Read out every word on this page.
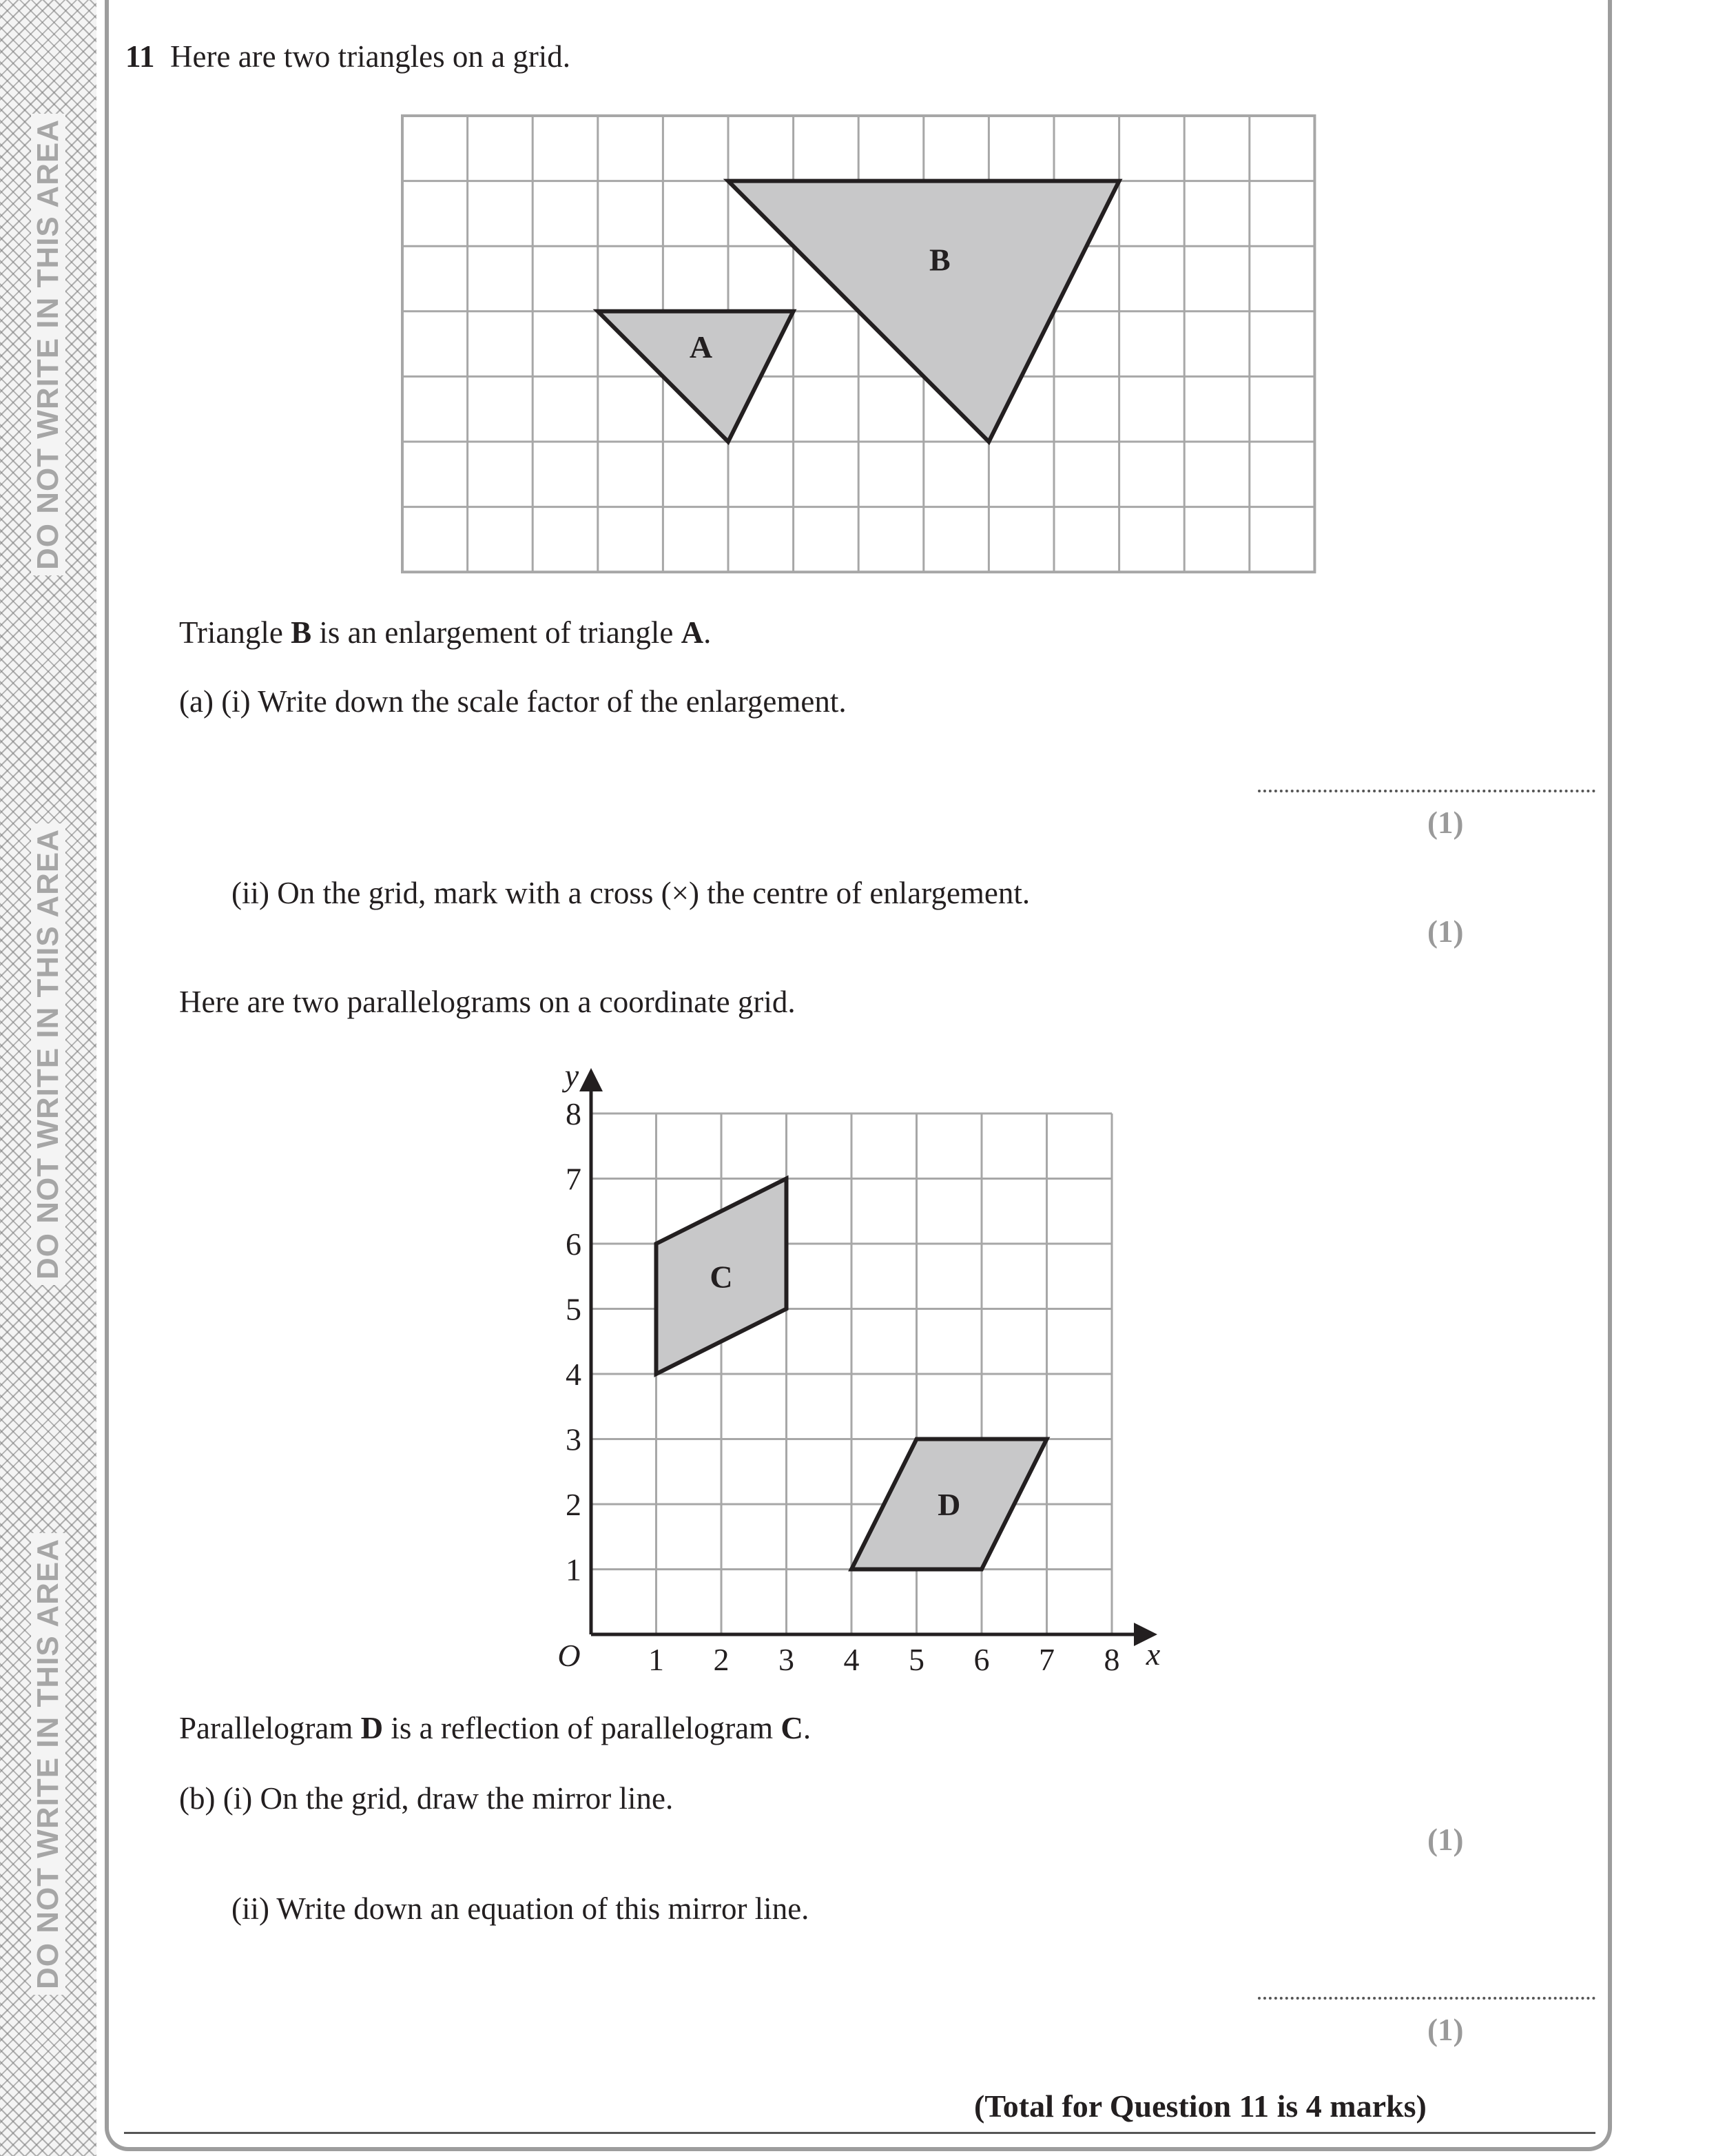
DO NOT WRITE IN THIS AREA
DO NOT WRITE IN THIS AREA
DO NOT WRITE IN THIS AREA
11 Here are two triangles on a grid.
A
B
Triangle B is an enlargement of triangle A.
(a) (i) Write down the scale factor of the enlargement.
(1)
(ii) On the grid, mark with a cross (×) the centre of enlargement.
(1)
Here are two parallelograms on a coordinate grid.
1 2 3 4 5 6 7 8
1
2
3
4
5
6
7
8
O	x
y
C
D
Parallelogram D is a reflection of parallelogram C.
(b) (i) On the grid, draw the mirror line.
(1)
(ii) Write down an equation of this mirror line.
(1)
(Total for Question 11 is 4 marks)
